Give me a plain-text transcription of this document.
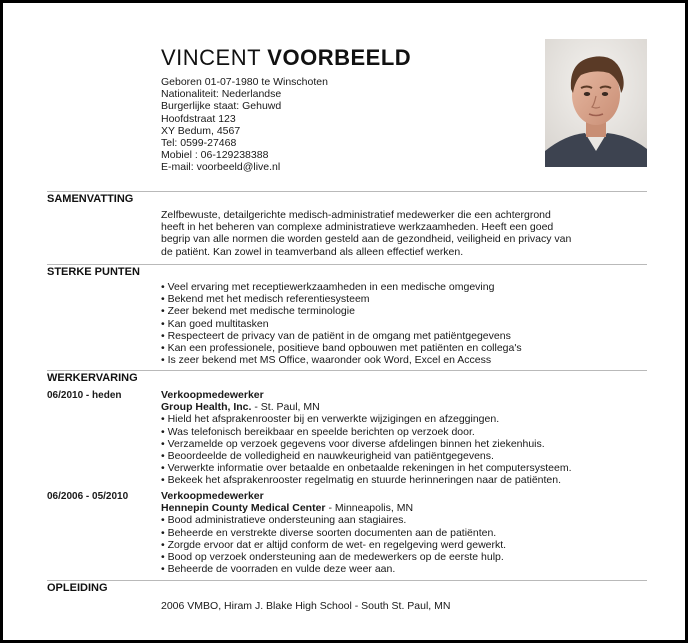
VINCENT VOORBEELD
Geboren 01-07-1980 te Winschoten
Nationaliteit: Nederlandse
Burgerlijke staat: Gehuwd
Hoofdstraat 123
XY Bedum, 4567
Tel: 0599-27468
Mobiel : 06-129238388
E-mail: voorbeeld@live.nl
SAMENVATTING

Zelfbewuste, detailgerichte medisch-administratief medewerker die een achtergrond

heeft in het beheren van complexe administratieve werkzaamheden. Heeft een goed

begrip van alle normen die worden gesteld aan de gezondheid, veiligheid en privacy van

de patiënt. Kan zowel in teamverband als alleen effectief werken.

STERKE PUNTEN
• Veel ervaring met receptiewerkzaamheden in een medische omgeving
• Bekend met het medisch referentiesysteem
• Zeer bekend met medische terminologie
• Kan goed multitasken
• Respecteert de privacy van de patiënt in de omgang met patiëntgegevens
• Kan een professionele, positieve band opbouwen met patiënten en collega's
• Is zeer bekend met MS Office, waaronder ook Word, Excel en Access
WERKERVARING
06/2010 - heden	Verkoopmedewerker
Group Health, Inc. - St. Paul, MN
• Hield het afsprakenrooster bij en verwerkte wijzigingen en afzeggingen.
• Was telefonisch bereikbaar en speelde berichten op verzoek door.
• Verzamelde op verzoek gegevens voor diverse afdelingen binnen het ziekenhuis.
• Beoordeelde de volledigheid en nauwkeurigheid van patiëntgegevens.
• Verwerkte informatie over betaalde en onbetaalde rekeningen in het computersysteem.
• Bekeek het afsprakenrooster regelmatig en stuurde herinneringen naar de patiënten.
06/2006 - 05/2010	Verkoopmedewerker
Hennepin County Medical Center - Minneapolis, MN
• Bood administratieve ondersteuning aan stagiaires.
• Beheerde en verstrekte diverse soorten documenten aan de patiënten.
• Zorgde ervoor dat er altijd conform de wet- en regelgeving werd gewerkt.
• Bood op verzoek ondersteuning aan de medewerkers op de eerste hulp.
• Beheerde de voorraden en vulde deze weer aan.
OPLEIDING
2006 VMBO, Hiram J. Blake High School - South St. Paul, MN
